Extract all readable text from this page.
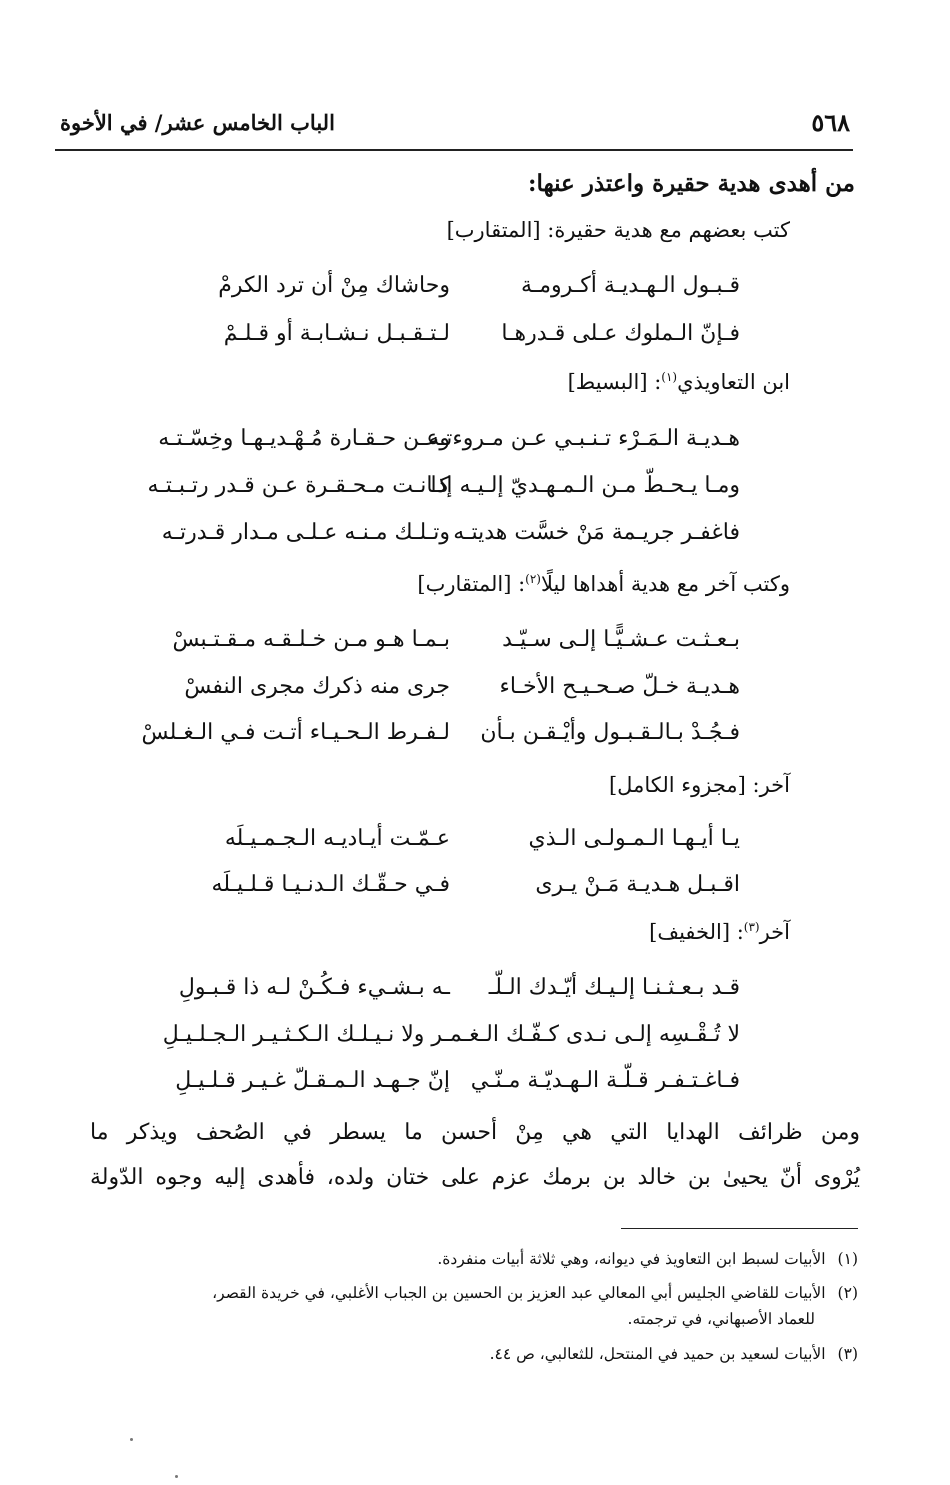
٥٦٨
الباب الخامس عشر/ في الأخوة
من أهدى هدية حقيرة واعتذر عنها:
كتب بعضهم مع هدية حقيرة: [المتقارب]
قـبـول الـهـديـة أكـرومـة
وحاشاك مِنْ أن ترد الكرمْ
فـإنّ الـملوك عـلى قـدرهـا
لـتـقـبـل نـشـابـة أو قـلـمْ
ابن التعاويذي$^{(١)}$: [البسيط]
هـديـة الـمَـرْء تـنـبـي عـن مـروءتـه
وعـن حـقـارة مُـهْـديـهـا وخِسّـتـه
ومـا يـحـطّ مـن الـمـهـديّ إلـيـه إذا
كـانـت مـحـقـرة عـن قـدر رتـبـتـه
فاغفـر جريـمة مَنْ خسَّت هديتـه
وتـلـك مـنـه عـلـى مـدار قـدرتـه
وكتب آخر مع هدية أهداها ليلًا$^{(٢)}$: [المتقارب]
بـعـثـت عـشـيًّـا إلـى سـيّـد
بـمـا هـو مـن خـلـقـه مـقـتـبسْ
هـديـة خـلّ صـحـيـح الأخـاء
جرى منه ذكرك مجرى النفسْ
فـجُـدْ بـالـقـبـول وأيْـقـن بـأن
لـفـرط الـحـيـاء أتـت فـي الـغـلسْ
آخر: [مجزوء الكامل]
يـا أيـهـا الـمـولـى الـذي
عـمّـت أيـاديـه الـجـمـيـلَه
اقـبـل هـديـة مَـنْ يـرى
فـي حـقّـك الـدنـيـا قـلـيـلَه
آخر$^{(٣)}$: [الخفيف]
قـد بـعـثـنـا إلـيـك أيّـدك الـلّـ
ـه بـشـيء فـكُـنْ لـه ذا قـبـولِ
لا تُـقْـسِه إلـى نـدى كـفّـك الـغـمـ
ـر ولا نـيـلـك الـكـثـيـر الـجـلـيـلِ
فـاغـتـفـر قـلّـة الـهـديّـة مـنّـي
إنّ جـهـد الـمـقـلّ غـيـر قـلـيـلِ
ومن ظرائف الهدايا التي هي مِنْ أحسن ما يسطر في الصُحف ويذكر ما
يُرْوى أنّ يحيىٰ بن خالد بن برمك عزم على ختان ولده، فأهدى إليه وجوه الدّولة
(١)الأبيات لسبط ابن التعاويذ في ديوانه، وهي ثلاثة أبيات منفردة.
(٢)الأبيات للقاضي الجليس أبي المعالي عبد العزيز بن الحسين بن الجباب الأغلبي، في خريدة القصر،
للعماد الأصبهاني، في ترجمته.
(٣)الأبيات لسعيد بن حميد في المنتحل، للثعالبي، ص ٤٤.
